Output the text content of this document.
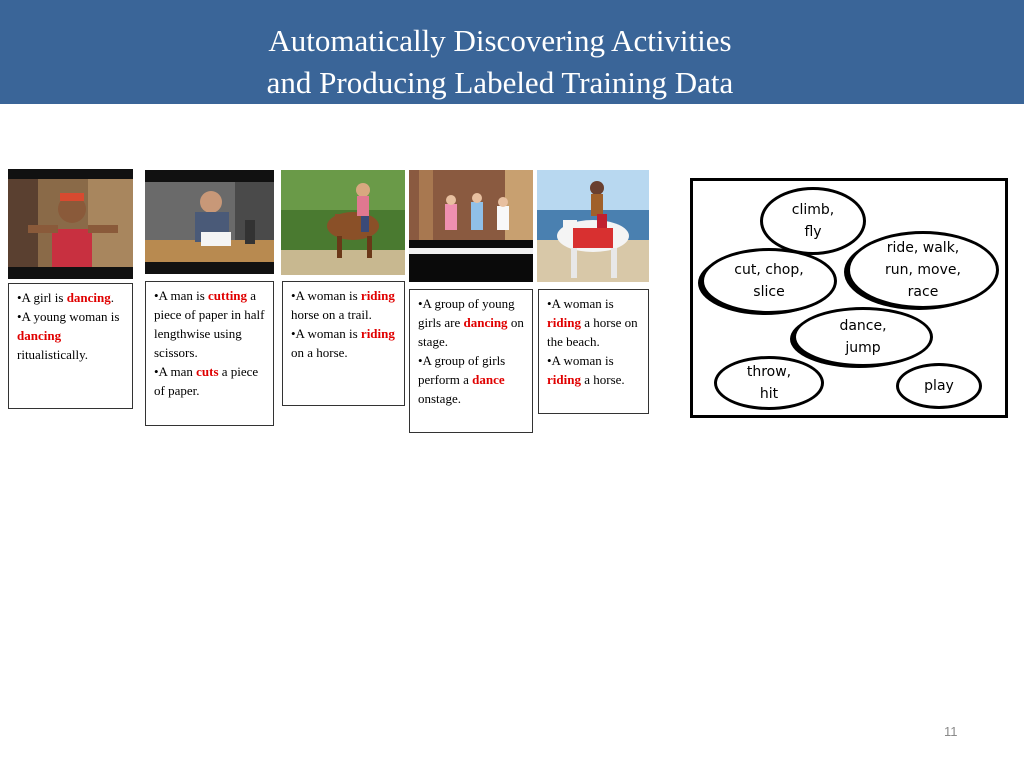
Automatically Discovering Activities
and Producing Labeled Training Data
•A girl is dancing.
•A young woman is dancing ritualistically.
•A man is cutting a piece of paper in half lengthwise using scissors.
•A man cuts a piece of paper.
•A woman is riding horse on a trail.
•A woman is riding on a horse.
•A group of young girls are dancing on stage.
•A group of girls perform a dance onstage.
•A woman is riding a horse on the beach.
•A woman is riding a horse.
climb,
fly
ride, walk,
run, move,
race
cut, chop,
slice
dance,
jump
throw,
hit	play
11
